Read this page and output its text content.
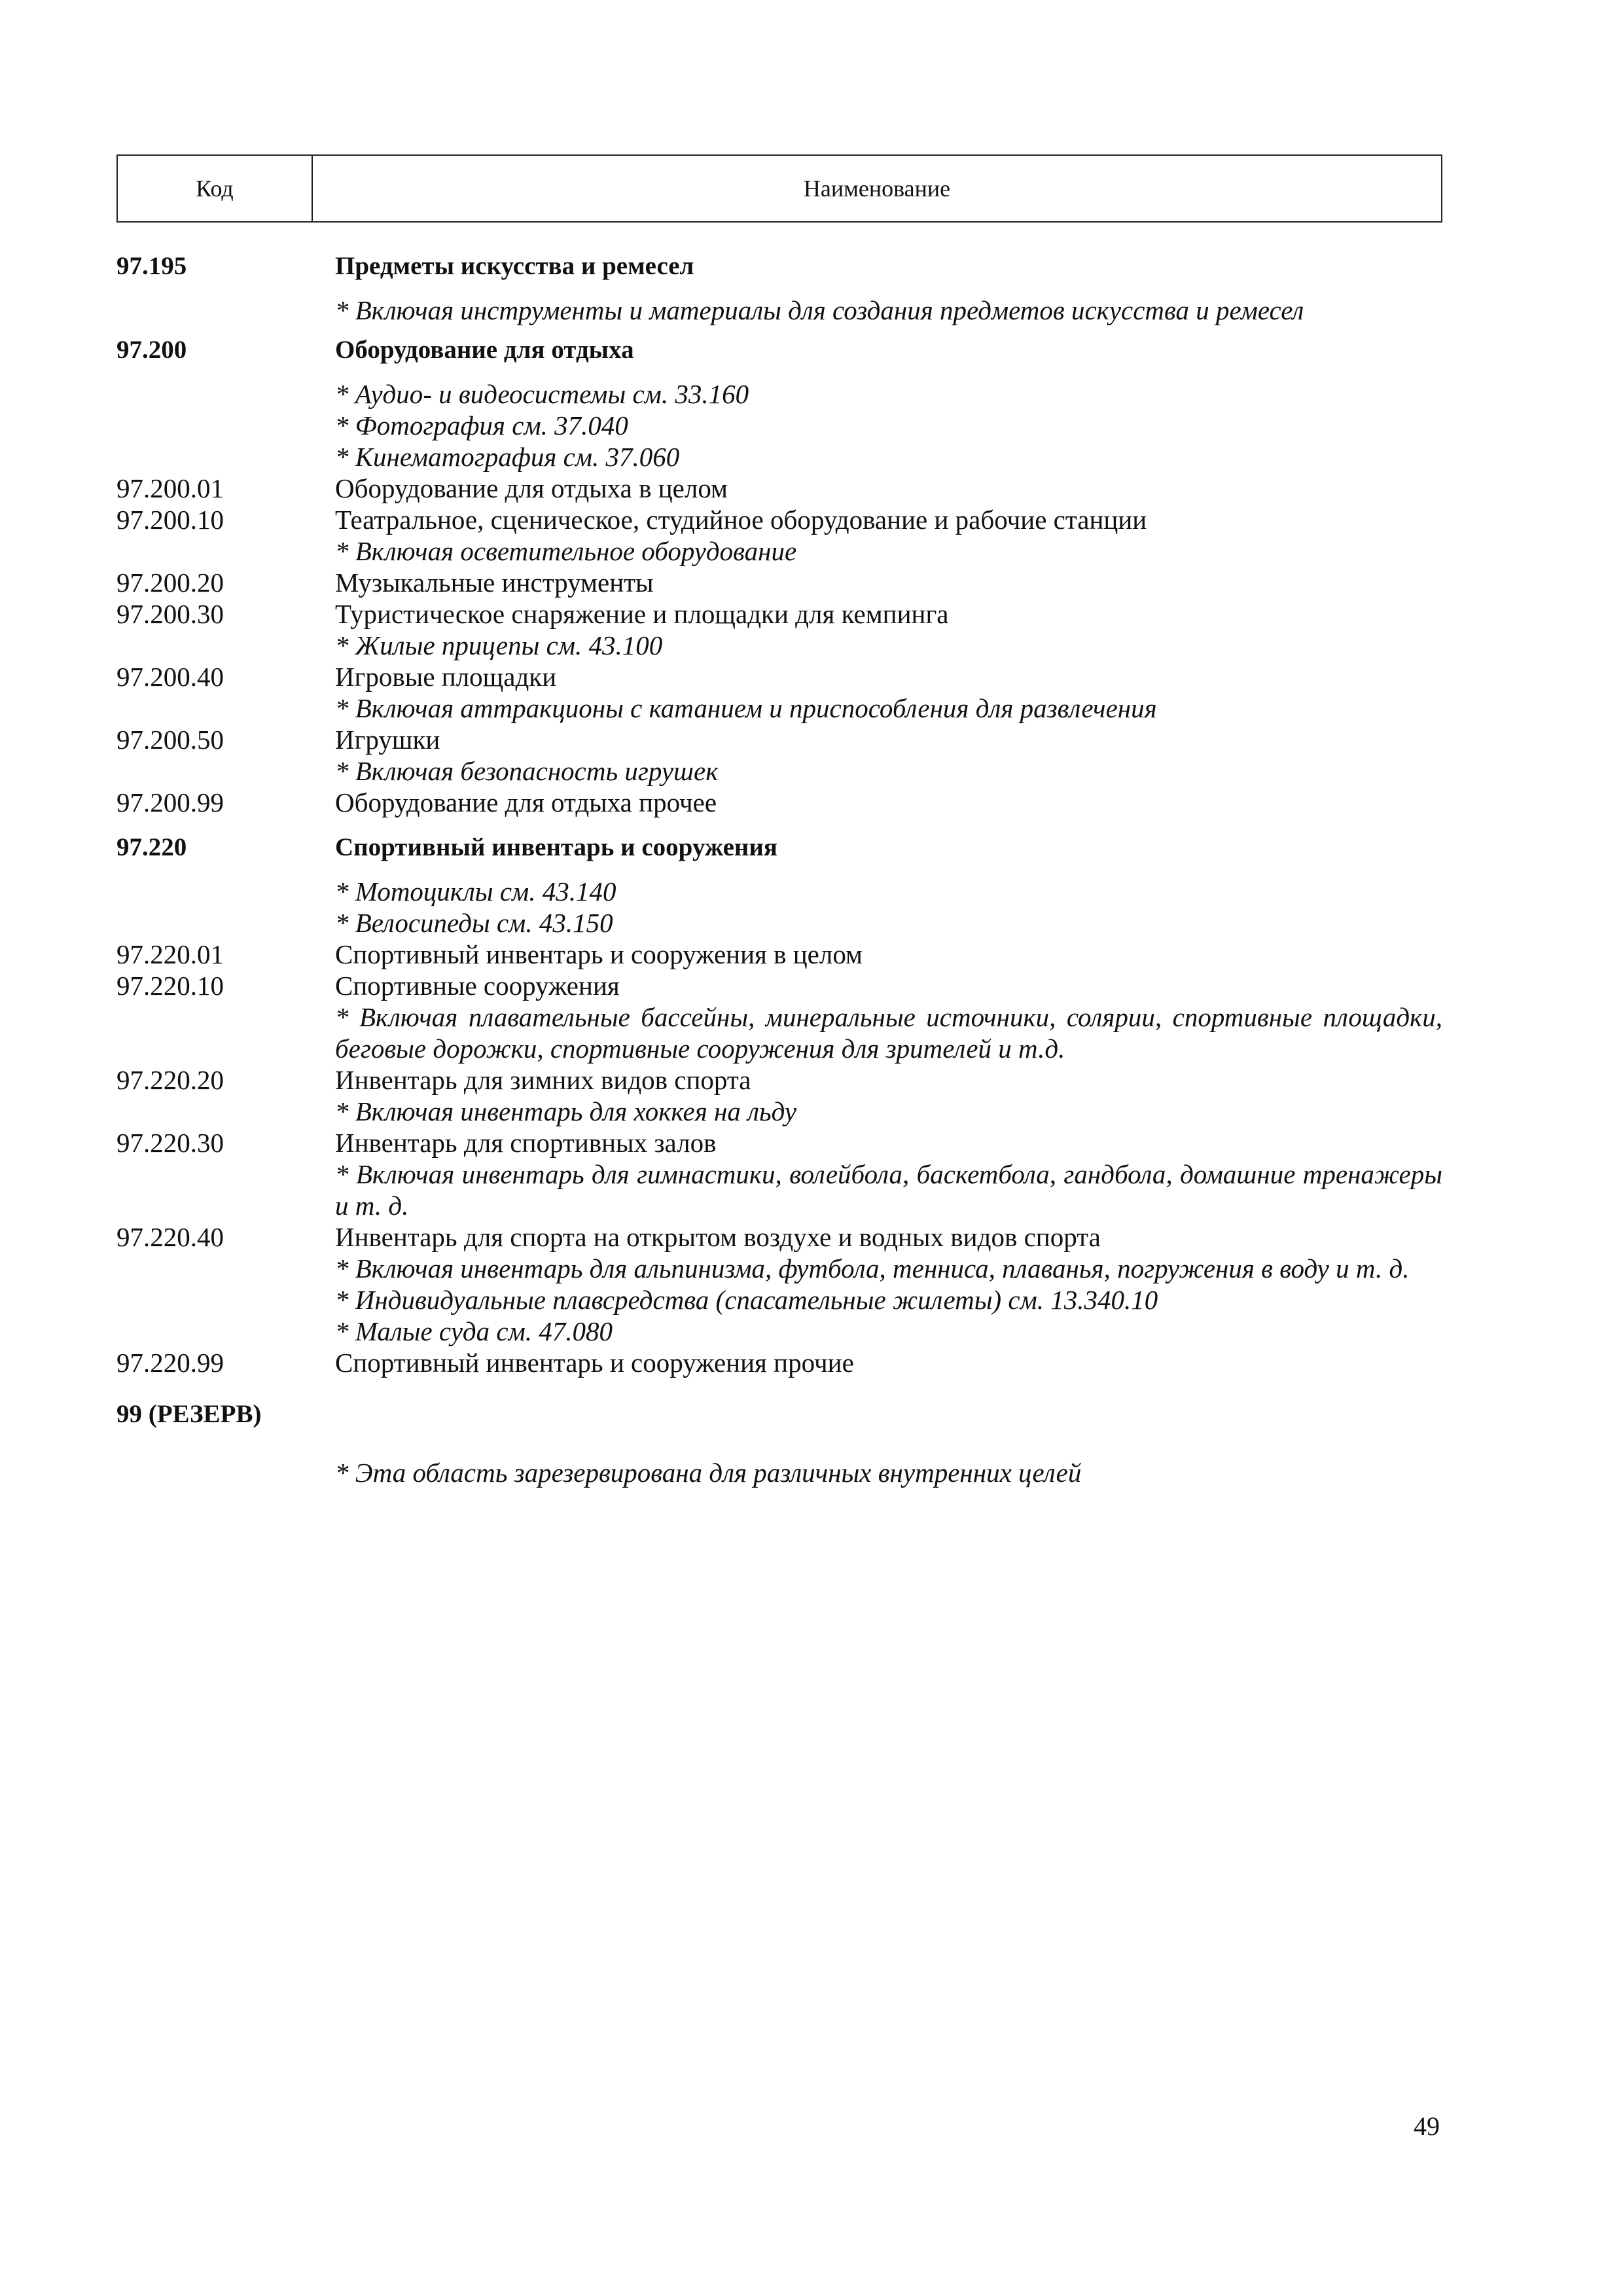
Код	Наименование
97.195	Предметы искусства и ремесел
* Включая инструменты и материалы для создания предметов искусства и ремесел
97.200	Оборудование для отдыха
* Аудио- и видеосистемы см. 33.160
* Фотография см. 37.040
* Кинематография см. 37.060
97.200.01	Оборудование для отдыха в целом
97.200.10	Театральное, сценическое, студийное оборудование и рабочие станции
* Включая осветительное оборудование
97.200.20	Музыкальные инструменты
97.200.30	Туристическое снаряжение и площадки для кемпинга
* Жилые прицепы см. 43.100
97.200.40	Игровые площадки
* Включая аттракционы с катанием и приспособления для развлечения
97.200.50	Игрушки
* Включая безопасность игрушек
97.200.99	Оборудование для отдыха прочее
97.220	Спортивный инвентарь и сооружения
* Мотоциклы см. 43.140
* Велосипеды см. 43.150
97.220.01	Спортивный инвентарь и сооружения в целом
97.220.10	Спортивные сооружения
* Включая плавательные бассейны, минеральные источники, солярии, спортивные площадки, беговые дорожки, спортивные сооружения для зрителей и т.д.
97.220.20	Инвентарь для зимних видов спорта
* Включая инвентарь для хоккея на льду
97.220.30	Инвентарь для спортивных залов
* Включая инвентарь для гимнастики, волейбола, баскетбола, гандбола, домашние тренажеры и т. д.
97.220.40	Инвентарь для спорта на открытом воздухе и водных видов спорта
* Включая инвентарь для альпинизма, футбола, тенниса, плаванья, погружения в воду и т. д.
* Индивидуальные плавсредства (спасательные жилеты) см. 13.340.10
* Малые суда см. 47.080
97.220.99	Спортивный инвентарь и сооружения прочие
99 (РЕЗЕРВ)
* Эта область зарезервирована для различных внутренних целей
49
